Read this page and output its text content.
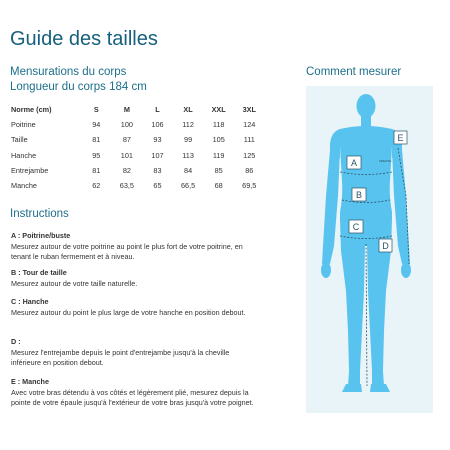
Guide des tailles
Mensurations du corps
Longueur du corps 184 cm
Comment mesurer
Norme (cm)	S	M	L	XL	XXL	3XL
Poitrine	94	100	106	112	118	124
Taille	81	87	93	99	105	111
Hanche	95	101	107	113	119	125
Entrejambe	81	82	83	84	85	86
Manche	62	63,5	65	66,5	68	69,5
Instructions
A : Poitrine/buste
Mesurez autour de votre poitrine au point le plus fort de votre poitrine, en tenant le ruban fermement et à niveau.
B : Tour de taille
Mesurez autour de votre taille naturelle.
C : Hanche
Mesurez autour du point le plus large de votre hanche en position debout.
D :
Mesurez l'entrejambe depuis le point d'entrejambe jusqu'à la cheville inférieure en position debout.
E : Manche
Avec votre bras détendu à vos côtés et légèrement plié, mesurez depuis la pointe de votre épaule jusqu'à l'extérieur de votre bras jusqu'à votre poignet.
ZEBATZE
A
B
C
D
E
